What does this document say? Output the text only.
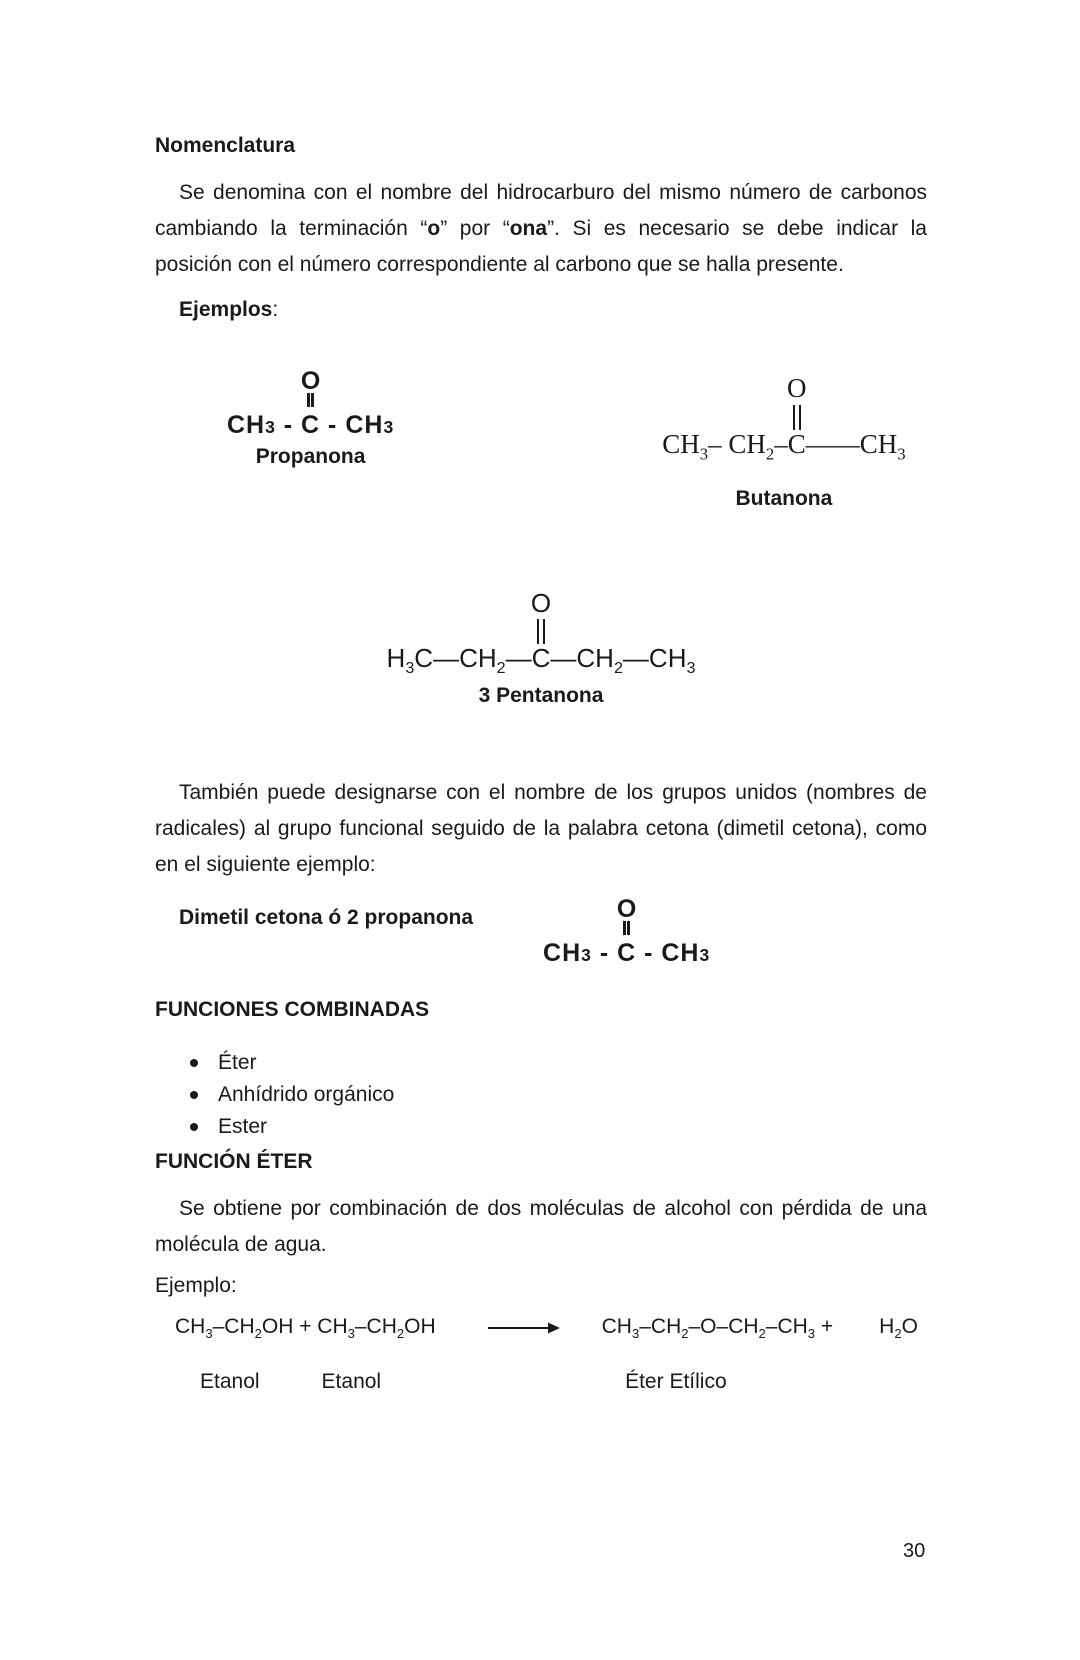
Nomenclatura

Se denomina con el nombre del hidrocarburo del mismo número de carbonos cambiando la terminación “o” por “ona”. Si es necesario se debe indicar la posición con el número correspondiente al carbono que se halla presente.

Ejemplos:
O
CH3 - C - CH3
Propanona	$CH_3-$ $CH_2-$
O
$C——CH_3$
Butanona
$H_3C—CH_2—$
O
$C—CH_2—CH_3$
3 Pentanona

También puede designarse con el nombre de los grupos unidos (nombres de radicales) al grupo funcional seguido de la palabra cetona (dimetil cetona), como en el siguiente ejemplo:

Dimetil cetona ó 2 propanona	O
CH3 - C - CH3
FUNCIONES COMBINADAS
Éter
Anhídrido orgánico
Ester
FUNCIÓN ÉTER

Se obtiene por combinación de dos moléculas de alcohol con pérdida de una molécula de agua.

Ejemplo:
$CH_3-CH_2OH + CH_3-CH_2OH$	$CH_3-CH_2-O-CH_2-CH_3 + H_2O$
Etanol	Etanol	Éter Etílico
30
